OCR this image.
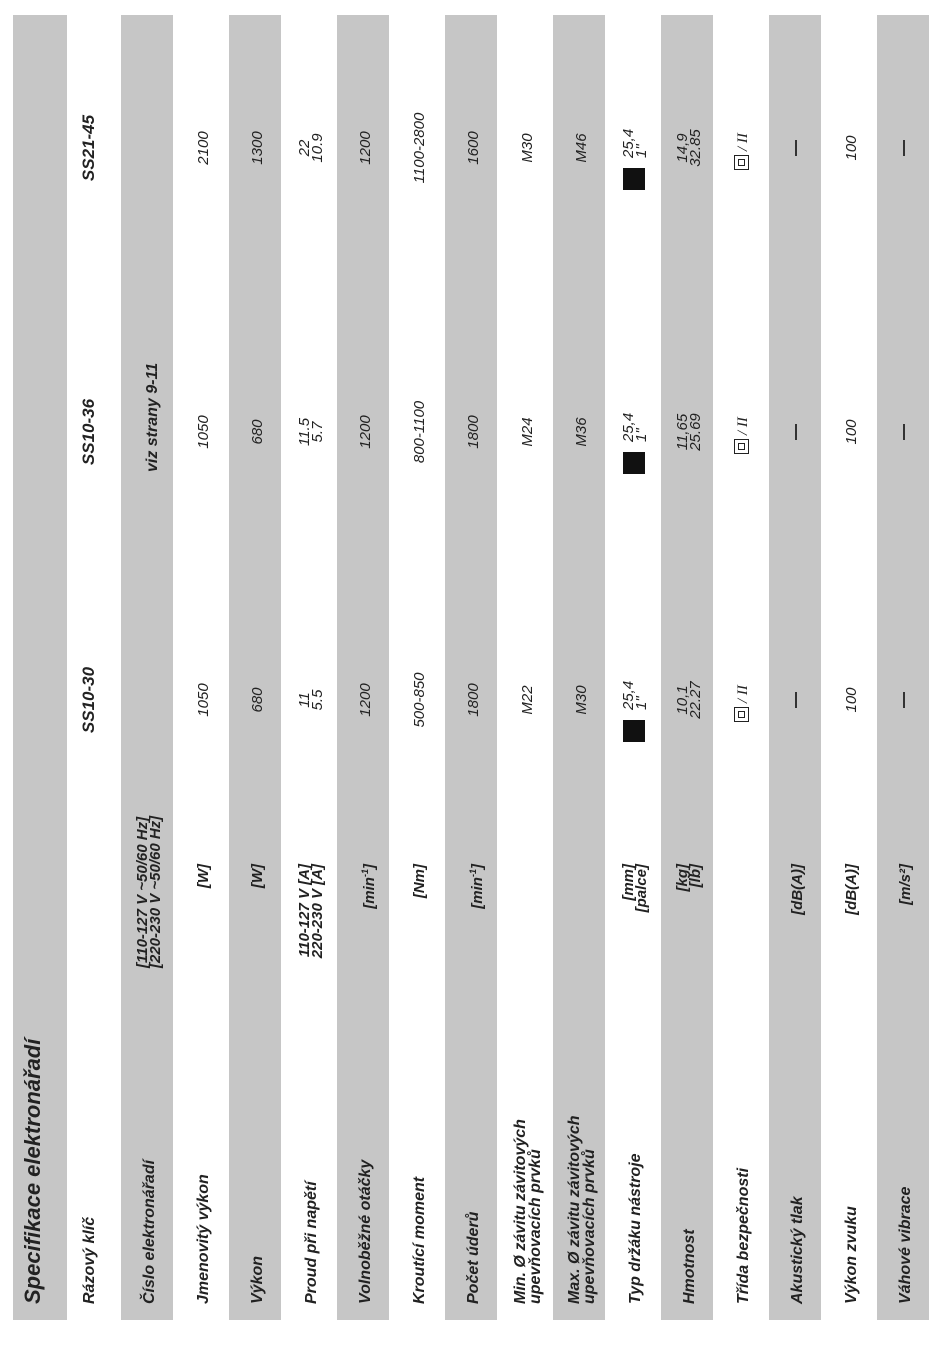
Specifikace elektronářadí Rázový klíč
SS10-30
SS10-36
SS21-45
Číslo elektronářadí
[110-127 V ~50/60 Hz]
[220-230 V ~50/60 Hz]
viz strany 9-11
Jmenovitý výkon
[W]
1050
1050
2100
Výkon
[W]
680
680
1300
Proud při napětí
110-127 V [A]
220-230 V [A]
11
5.5
11.5
5.7
22
10.9
Volnoběžné otáčky
$[\min^{-1}]$
1200
1200
1200
Kroutící moment
[Nm]
500-850
800-1100
1100-2800
Počet úderů
$[\min^{-1}]$
1800
1800
1600
Min. Ø závitu závitových
upevňovacích prvků
M22
M24
M30
Max. Ø závitu závitových
upevňovacích prvků
M30
M36
M46
Typ držáku nástroje
[mm]
[palce]
25,4
1"
25,4
1"
25,4
1"
Hmotnost
[kg]
[lb]
10,1
22.27
11,65
25.69
14,9
32.85
Třída bezpečnosti
/ II
/ II
/ II
Akustický tlak
[dB(A)]
Výkon zvuku
[dB(A)]
100
100
100
Váhové vibrace
[m/s²]
